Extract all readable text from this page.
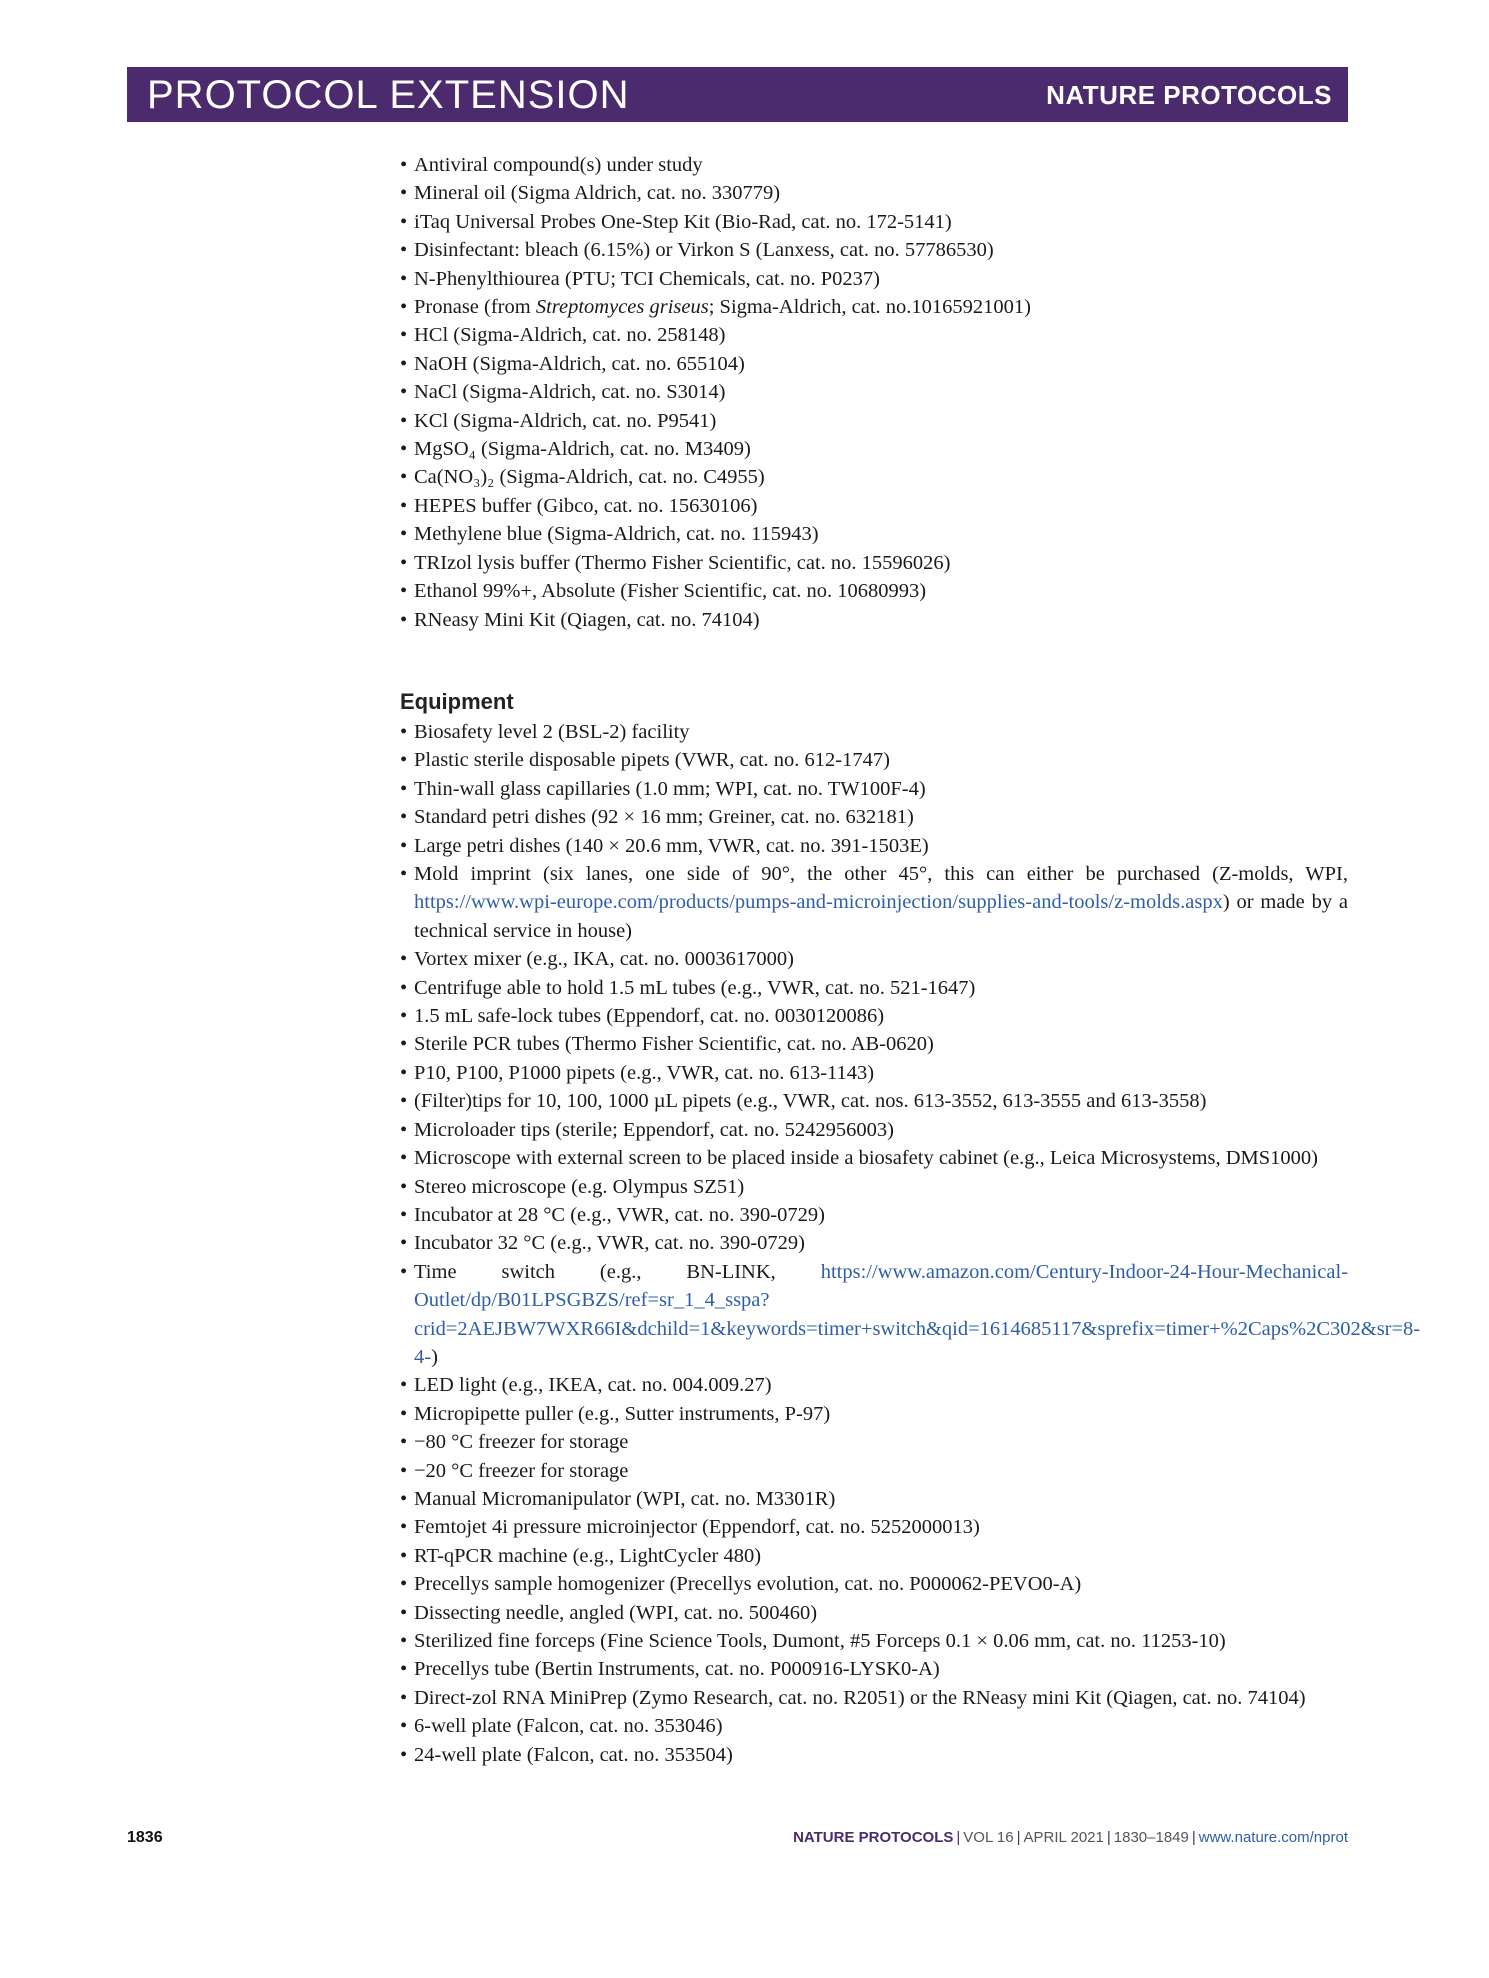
PROTOCOL EXTENSION	NATURE PROTOCOLS
• Antiviral compound(s) under study
• Mineral oil (Sigma Aldrich, cat. no. 330779)
• iTaq Universal Probes One-Step Kit (Bio-Rad, cat. no. 172-5141)
• Disinfectant: bleach (6.15%) or Virkon S (Lanxess, cat. no. 57786530)
• N-Phenylthiourea (PTU; TCI Chemicals, cat. no. P0237)
• Pronase (from Streptomyces griseus; Sigma-Aldrich, cat. no.10165921001)
• HCl (Sigma-Aldrich, cat. no. 258148)
• NaOH (Sigma-Aldrich, cat. no. 655104)
• NaCl (Sigma-Aldrich, cat. no. S3014)
• KCl (Sigma-Aldrich, cat. no. P9541)
• MgSO₄ (Sigma-Aldrich, cat. no. M3409)
• Ca(NO₃)₂ (Sigma-Aldrich, cat. no. C4955)
• HEPES buffer (Gibco, cat. no. 15630106)
• Methylene blue (Sigma-Aldrich, cat. no. 115943)
• TRIzol lysis buffer (Thermo Fisher Scientific, cat. no. 15596026)
• Ethanol 99%+, Absolute (Fisher Scientific, cat. no. 10680993)
• RNeasy Mini Kit (Qiagen, cat. no. 74104)
Equipment
• Biosafety level 2 (BSL-2) facility
• Plastic sterile disposable pipets (VWR, cat. no. 612-1747)
• Thin-wall glass capillaries (1.0 mm; WPI, cat. no. TW100F-4)
• Standard petri dishes (92 × 16 mm; Greiner, cat. no. 632181)
• Large petri dishes (140 × 20.6 mm, VWR, cat. no. 391-1503E)
• Mold imprint (six lanes, one side of 90°, the other 45°, this can either be purchased (Z-molds, WPI, https://www.wpi-europe.com/products/pumps-and-microinjection/supplies-and-tools/z-molds.aspx) or made by a technical service in house)
• Vortex mixer (e.g., IKA, cat. no. 0003617000)
• Centrifuge able to hold 1.5 mL tubes (e.g., VWR, cat. no. 521-1647)
• 1.5 mL safe-lock tubes (Eppendorf, cat. no. 0030120086)
• Sterile PCR tubes (Thermo Fisher Scientific, cat. no. AB-0620)
• P10, P100, P1000 pipets (e.g., VWR, cat. no. 613-1143)
• (Filter)tips for 10, 100, 1000 µL pipets (e.g., VWR, cat. nos. 613-3552, 613-3555 and 613-3558)
• Microloader tips (sterile; Eppendorf, cat. no. 5242956003)
• Microscope with external screen to be placed inside a biosafety cabinet (e.g., Leica Microsystems, DMS1000)
• Stereo microscope (e.g. Olympus SZ51)
• Incubator at 28 °C (e.g., VWR, cat. no. 390-0729)
• Incubator 32 °C (e.g., VWR, cat. no. 390-0729)
• Time switch (e.g., BN-LINK, https://www.amazon.com/Century-Indoor-24-Hour-Mechanical-Outlet/dp/B01LPSGBZS/ref=sr_1_4_sspa?crid=2AEJBW7WXR66I&dchild=1&keywords=timer+switch&qid=1614685117&sprefix=timer+%2Caps%2C302&sr=8-4-)
• LED light (e.g., IKEA, cat. no. 004.009.27)
• Micropipette puller (e.g., Sutter instruments, P-97)
• −80 °C freezer for storage
• −20 °C freezer for storage
• Manual Micromanipulator (WPI, cat. no. M3301R)
• Femtojet 4i pressure microinjector (Eppendorf, cat. no. 5252000013)
• RT-qPCR machine (e.g., LightCycler 480)
• Precellys sample homogenizer (Precellys evolution, cat. no. P000062-PEVO0-A)
• Dissecting needle, angled (WPI, cat. no. 500460)
• Sterilized fine forceps (Fine Science Tools, Dumont, #5 Forceps 0.1 × 0.06 mm, cat. no. 11253-10)
• Precellys tube (Bertin Instruments, cat. no. P000916-LYSK0-A)
• Direct-zol RNA MiniPrep (Zymo Research, cat. no. R2051) or the RNeasy mini Kit (Qiagen, cat. no. 74104)
• 6-well plate (Falcon, cat. no. 353046)
• 24-well plate (Falcon, cat. no. 353504)
1836	NATURE PROTOCOLS | VOL 16 | APRIL 2021 | 1830–1849 | www.nature.com/nprot
